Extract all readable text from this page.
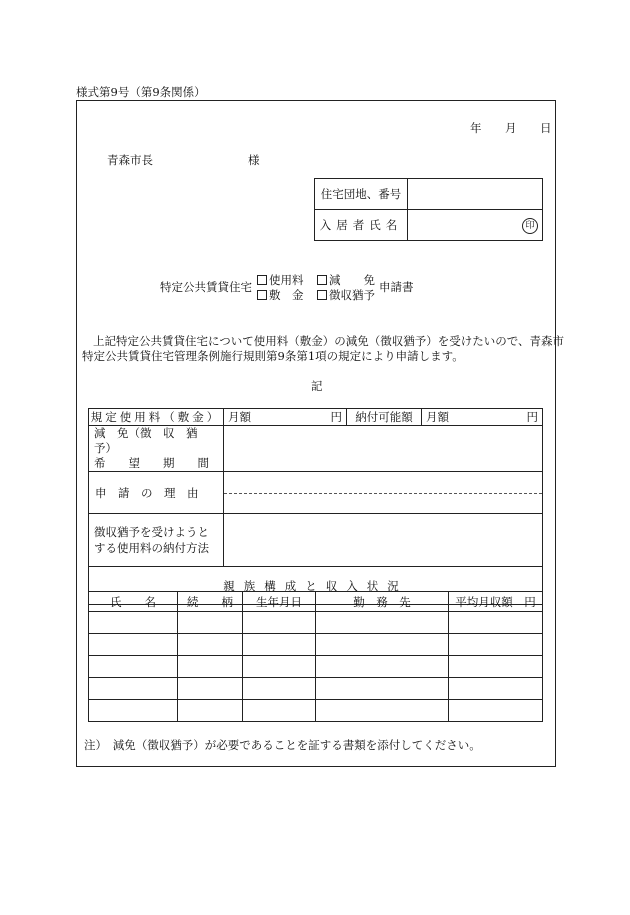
様式第9号（第9条関係）
年 月 日
青森市長	様
住宅団地、番号	
入居者氏名	印
特定公共賃貸住宅	使用料
敷　金
減　　免
徴収猶予
申請書
上記特定公共賃貸住宅について使用料（敷金）の減免（徴収猶予）を受けたいので、青森市
特定公共賃貸住宅管理条例施行規則第9条第1項の規定により申請します。
記
規定使用料（敷金）	月額 円	納付可能額	月額 円

減　免（徴　収　猶　予）
希　　望　　期　　間			

申　請　の　理　由			

徴収猶予を受けようと
する使用料の納付方法			

親族構成と収入状況			
氏　　名	続　　柄	生年月日	勤　務　先	平均月収額　円

注）　減免（徴収猶予）が必要であることを証する書類を添付してください。
